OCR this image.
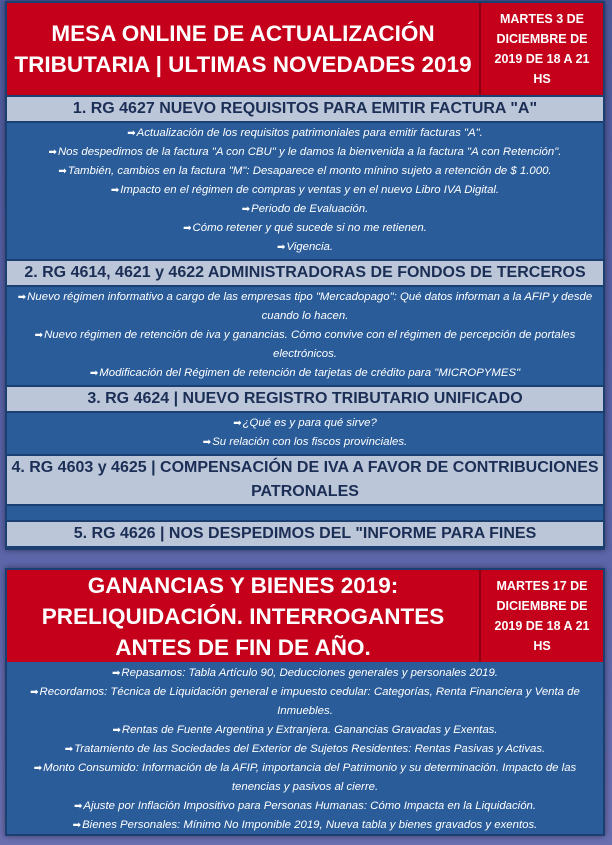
MESA ONLINE DE ACTUALIZACIÓN TRIBUTARIA | ULTIMAS NOVEDADES 2019
MARTES 3 DE DICIEMBRE DE 2019 DE 18 A 21 HS
1. RG 4627 NUEVO REQUISITOS PARA EMITIR FACTURA "A"
➡Actualización de los requisitos patrimoniales para emitir facturas "A".
➡Nos despedimos de la factura "A con CBU" y le damos la bienvenida a la factura "A con Retención".
➡También, cambios en la factura "M": Desaparece el monto mínino sujeto a retención de $ 1.000.
➡Impacto en el régimen de compras y ventas y en el nuevo Libro IVA Digital.
➡Periodo de Evaluación.
➡Cómo retener y qué sucede si no me retienen.
➡Vigencia.
2. RG 4614, 4621 y 4622 ADMINISTRADORAS DE FONDOS DE TERCEROS
➡Nuevo régimen informativo a cargo de las empresas tipo "Mercadopago": Qué datos informan a la AFIP y desde cuando lo hacen.
➡Nuevo régimen de retención de iva y ganancias. Cómo convive con el régimen de percepción de portales electrónicos.
➡Modificación del Régimen de retención de tarjetas de crédito para "MICROPYMES"
3. RG 4624 | NUEVO REGISTRO TRIBUTARIO UNIFICADO
➡¿Qué es y para qué sirve?
➡Su relación con los fiscos provinciales.
4. RG 4603 y 4625 | COMPENSACIÓN DE IVA A FAVOR DE CONTRIBUCIONES PATRONALES
5. RG 4626 | NOS DESPEDIMOS DEL "INFORME PARA FINES
GANANCIAS Y BIENES 2019: PRELIQUIDACIÓN. INTERROGANTES ANTES DE FIN DE AÑO.
MARTES 17 DE DICIEMBRE DE 2019 DE 18 A 21 HS
➡Repasamos: Tabla Artículo 90, Deducciones generales y personales 2019.
➡Recordamos: Técnica de Liquidación general e impuesto cedular: Categorías, Renta Financiera y Venta de Inmuebles.
➡Rentas de Fuente Argentina y Extranjera. Ganancias Gravadas y Exentas.
➡Tratamiento de las Sociedades del Exterior de Sujetos Residentes: Rentas Pasivas y Activas.
➡Monto Consumido: Información de la AFIP, importancia del Patrimonio y su determinación. Impacto de las tenencias y pasivos al cierre.
➡Ajuste por Inflación Impositivo para Personas Humanas: Cómo Impacta en la Liquidación.
➡Bienes Personales: Mínimo No Imponible 2019, Nueva tabla y bienes gravados y exentos.
